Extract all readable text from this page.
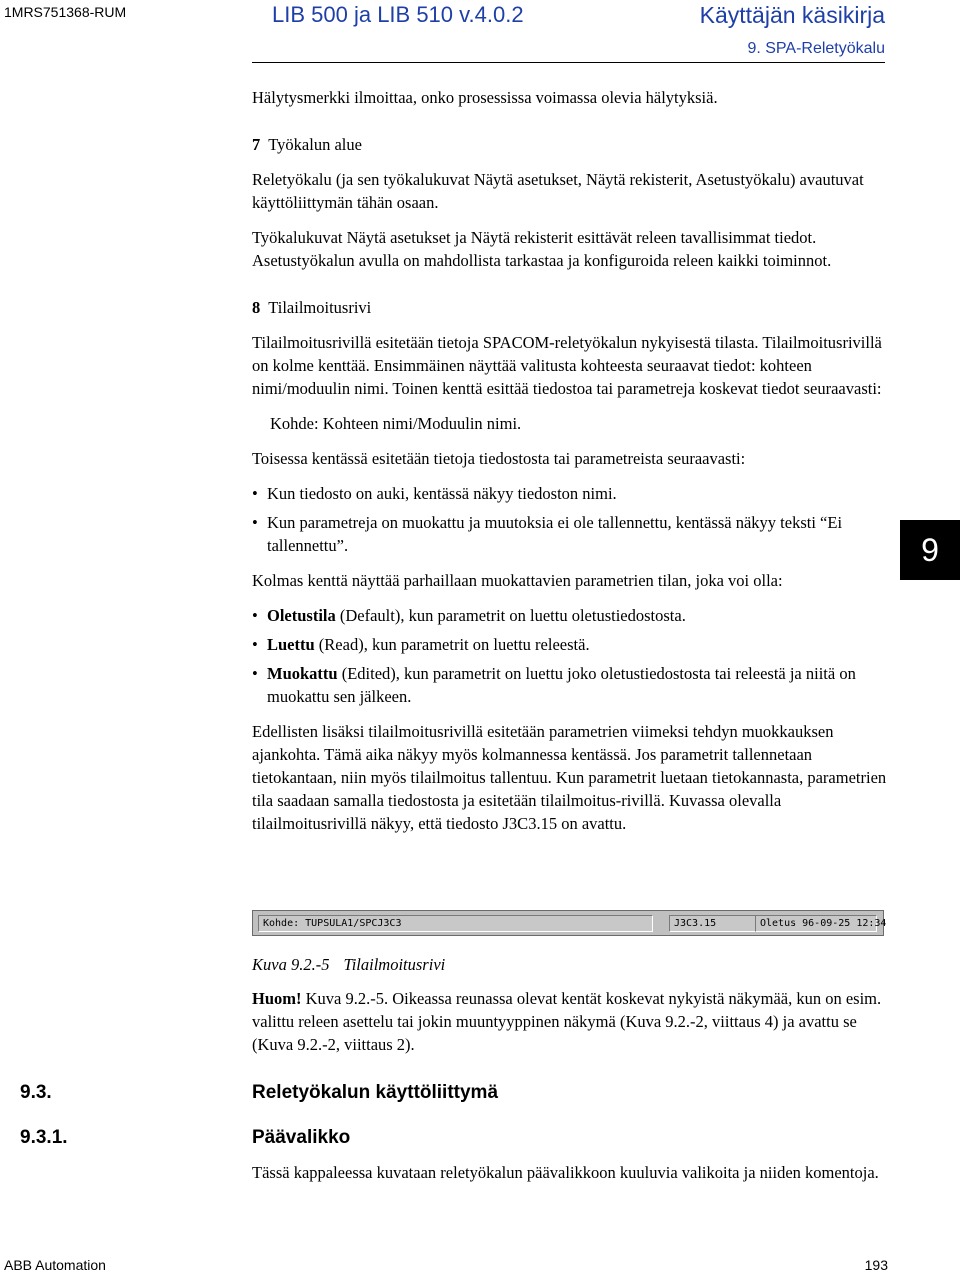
1MRS751368-RUM	LIB 500 ja LIB 510 v.4.0.2	Käyttäjän käsikirja
9. SPA-Reletyökalu

Hälytysmerkki ilmoittaa, onko prosessissa voimassa olevia hälytyksiä.

7 Työkalun alue

Reletyökalu (ja sen työkalukuvat Näytä asetukset, Näytä rekisterit, Asetustyökalu) avautuvat käyttöliittymän tähän osaan.

Työkalukuvat Näytä asetukset ja Näytä rekisterit esittävät releen tavallisimmat tiedot. Asetustyökalun avulla on mahdollista tarkastaa ja konfiguroida releen kaikki toiminnot.

8 Tilailmoitusrivi

Tilailmoitusrivillä esitetään tietoja SPACOM-reletyökalun nykyisestä tilasta. Tilailmoitusrivillä on kolme kenttää. Ensimmäinen näyttää valitusta kohteesta seuraavat tiedot: kohteen nimi/moduulin nimi. Toinen kenttä esittää tiedostoa tai parametreja koskevat tiedot seuraavasti:

Kohde: Kohteen nimi/Moduulin nimi.

Toisessa kentässä esitetään tietoja tiedostosta tai parametreista seuraavasti:

• Kun tiedosto on auki, kentässä näkyy tiedoston nimi.

• Kun parametreja on muokattu ja muutoksia ei ole tallennettu, kentässä näkyy teksti “Ei tallennettu”.

Kolmas kenttä näyttää parhaillaan muokattavien parametrien tilan, joka voi olla:

• Oletustila (Default), kun parametrit on luettu oletustiedostosta.

• Luettu (Read), kun parametrit on luettu releestä.

• Muokattu (Edited), kun parametrit on luettu joko oletustiedostosta tai releestä ja niitä on muokattu sen jälkeen.

Edellisten lisäksi tilailmoitusrivillä esitetään parametrien viimeksi tehdyn muokkauksen ajankohta. Tämä aika näkyy myös kolmannessa kentässä. Jos parametrit tallennetaan tietokantaan, niin myös tilailmoitus tallentuu. Kun parametrit luetaan tietokannasta, parametrien tila saadaan samalla tiedostosta ja esitetään tilailmoitus-rivillä. Kuvassa olevalla tilailmoitusrivillä näkyy, että tiedosto J3C3.15 on avattu.

9
Kohde: TUPSULA1/SPCJ3C3	J3C3.15	Oletus 96-09-25 12:34
Kuva 9.2.-5 Tilailmoitusrivi

Huom! Kuva 9.2.-5. Oikeassa reunassa olevat kentät koskevat nykyistä näkymää, kun on esim. valittu releen asettelu tai jokin muuntyyppinen näkymä (Kuva 9.2.-2, viittaus 4) ja avattu se (Kuva 9.2.-2, viittaus 2).

9.3.	Reletyökalun käyttöliittymä
9.3.1.	Päävalikko

Tässä kappaleessa kuvataan reletyökalun päävalikkoon kuuluvia valikoita ja niiden komentoja.

ABB Automation	193
